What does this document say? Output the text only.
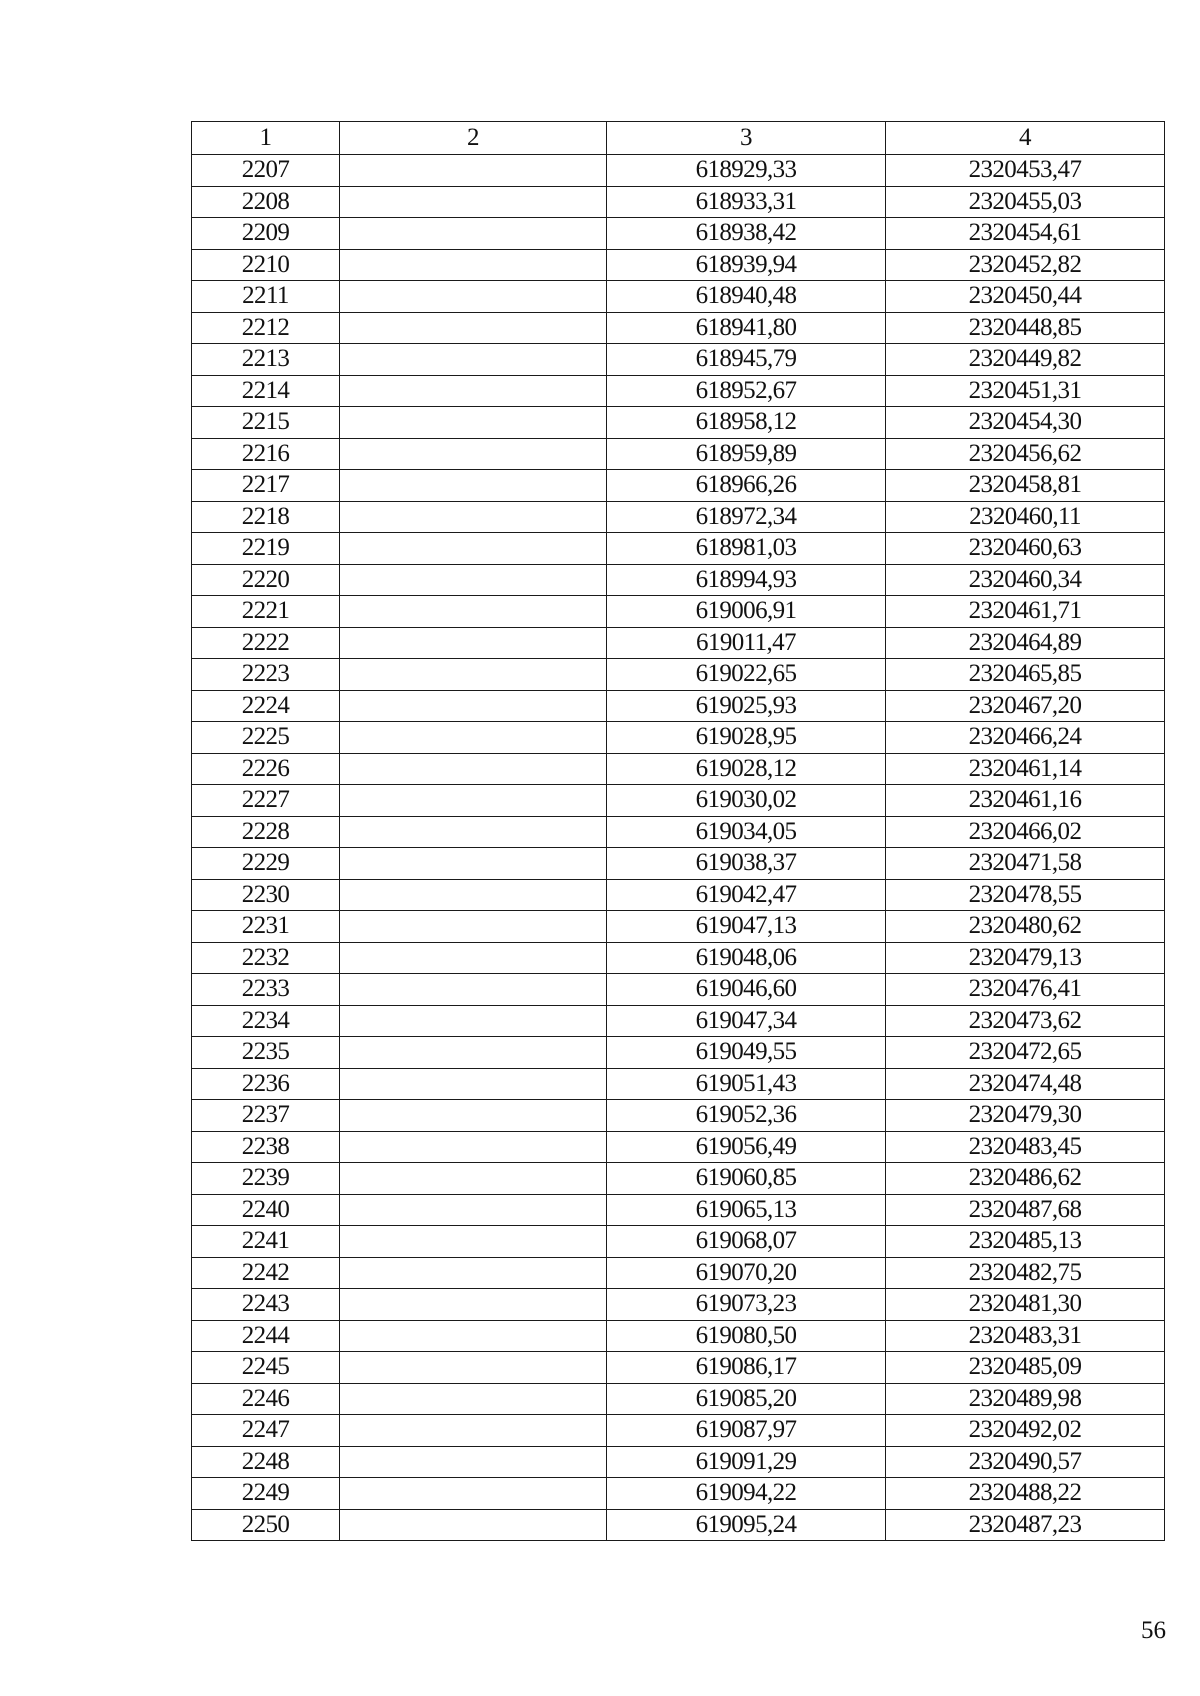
1	2	3	4
2207		618929,33	2320453,47
2208		618933,31	2320455,03
2209		618938,42	2320454,61
2210		618939,94	2320452,82
2211		618940,48	2320450,44
2212		618941,80	2320448,85
2213		618945,79	2320449,82
2214		618952,67	2320451,31
2215		618958,12	2320454,30
2216		618959,89	2320456,62
2217		618966,26	2320458,81
2218		618972,34	2320460,11
2219		618981,03	2320460,63
2220		618994,93	2320460,34
2221		619006,91	2320461,71
2222		619011,47	2320464,89
2223		619022,65	2320465,85
2224		619025,93	2320467,20
2225		619028,95	2320466,24
2226		619028,12	2320461,14
2227		619030,02	2320461,16
2228		619034,05	2320466,02
2229		619038,37	2320471,58
2230		619042,47	2320478,55
2231		619047,13	2320480,62
2232		619048,06	2320479,13
2233		619046,60	2320476,41
2234		619047,34	2320473,62
2235		619049,55	2320472,65
2236		619051,43	2320474,48
2237		619052,36	2320479,30
2238		619056,49	2320483,45
2239		619060,85	2320486,62
2240		619065,13	2320487,68
2241		619068,07	2320485,13
2242		619070,20	2320482,75
2243		619073,23	2320481,30
2244		619080,50	2320483,31
2245		619086,17	2320485,09
2246		619085,20	2320489,98
2247		619087,97	2320492,02
2248		619091,29	2320490,57
2249		619094,22	2320488,22
2250		619095,24	2320487,23
56
